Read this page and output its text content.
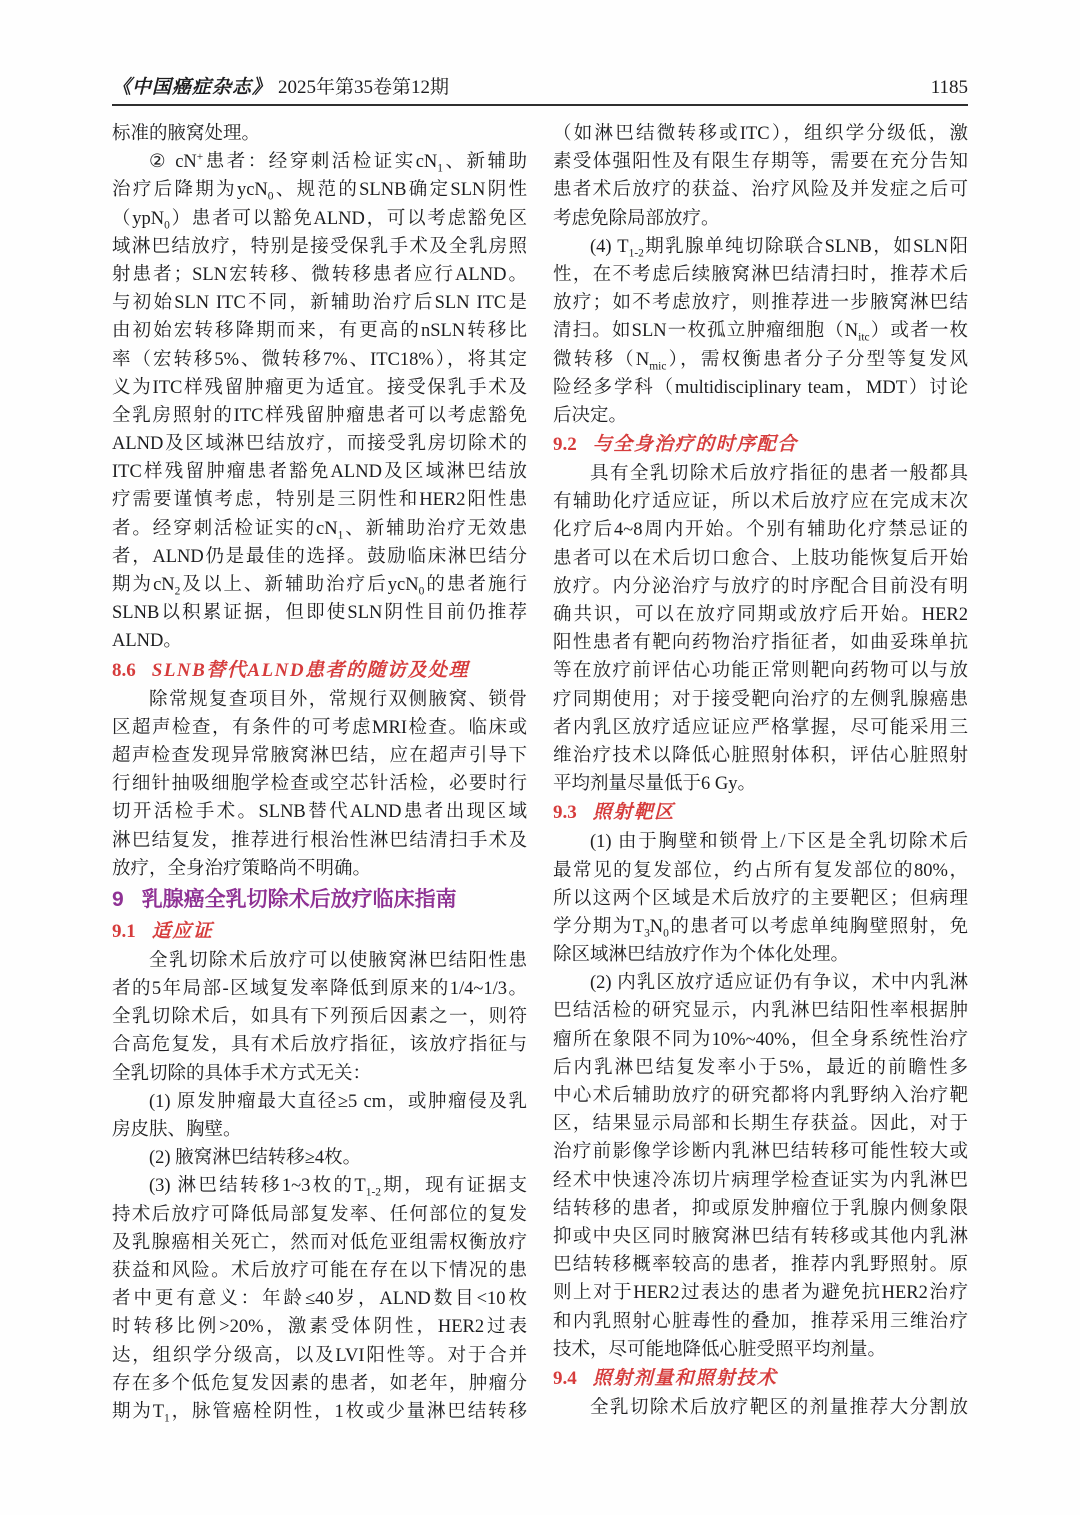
《中国癌症杂志》 2025年第35卷第12期	1185
标准的腋窝处理。
② cN+患者：经穿刺活检证实$cN_1$、新辅助
治疗后降期为ycN$_0$、规范的SLNB确定SLN阴性
（ypN$_0$）患者可以豁免ALND，可以考虑豁免区
域淋巴结放疗，特别是接受保乳手术及全乳房照
射患者；SLN宏转移、微转移患者应行ALND。
与初始SLN ITC不同，新辅助治疗后SLN ITC是
由初始宏转移降期而来，有更高的nSLN转移比
率（宏转移5%、微转移7%、ITC18%），将其定
义为ITC样残留肿瘤更为适宜。接受保乳手术及
全乳房照射的ITC样残留肿瘤患者可以考虑豁免
ALND及区域淋巴结放疗，而接受乳房切除术的
ITC样残留肿瘤患者豁免ALND及区域淋巴结放
疗需要谨慎考虑，特别是三阴性和HER2阳性患
者。经穿刺活检证实的$cN_1$、新辅助治疗无效患
者，ALND仍是最佳的选择。鼓励临床淋巴结分
期为$cN_2$及以上、新辅助治疗后ycN$_0$的患者施行
SLNB以积累证据，但即使SLN阴性目前仍推荐
ALND。
8.6 SLNB替代ALND患者的随访及处理
除常规复查项目外，常规行双侧腋窝、锁骨
区超声检查，有条件的可考虑MRI检查。临床或
超声检查发现异常腋窝淋巴结，应在超声引导下
行细针抽吸细胞学检查或空芯针活检，必要时行
切开活检手术。SLNB替代ALND患者出现区域
淋巴结复发，推荐进行根治性淋巴结清扫手术及
放疗，全身治疗策略尚不明确。
9 乳腺癌全乳切除术后放疗临床指南
9.1 适应证
全乳切除术后放疗可以使腋窝淋巴结阳性患
者的5年局部-区域复发率降低到原来的1/4~1/3。
全乳切除术后，如具有下列预后因素之一，则符
合高危复发，具有术后放疗指征，该放疗指征与
全乳切除的具体手术方式无关：
(1) 原发肿瘤最大直径≥5 cm，或肿瘤侵及乳
房皮肤、胸壁。
(2) 腋窝淋巴结转移≥4枚。
(3) 淋巴结转移1~3枚的$T_{1-2}$期，现有证据支
持术后放疗可降低局部复发率、任何部位的复发
及乳腺癌相关死亡，然而对低危亚组需权衡放疗
获益和风险。术后放疗可能在存在以下情况的患
者中更有意义：年龄≤40岁，ALND数目<10枚
时转移比例>20%，激素受体阴性，HER2过表
达，组织学分级高，以及LVI阳性等。对于合并
存在多个低危复发因素的患者，如老年，肿瘤分
期为$T_1$，脉管癌栓阴性，1枚或少量淋巴结转移
（如淋巴结微转移或ITC），组织学分级低，激
素受体强阳性及有限生存期等，需要在充分告知
患者术后放疗的获益、治疗风险及并发症之后可
考虑免除局部放疗。
(4) $T_{1-2}$期乳腺单纯切除联合SLNB，如SLN阳
性，在不考虑后续腋窝淋巴结清扫时，推荐术后
放疗；如不考虑放疗，则推荐进一步腋窝淋巴结
清扫。如SLN一枚孤立肿瘤细胞$(N_{itc})$或者一枚
微转移$(N_{mic})$，需权衡患者分子分型等复发风
险经多学科（multidisciplinary team，MDT）讨论
后决定。
9.2 与全身治疗的时序配合
具有全乳切除术后放疗指征的患者一般都具
有辅助化疗适应证，所以术后放疗应在完成末次
化疗后4~8周内开始。个别有辅助化疗禁忌证的
患者可以在术后切口愈合、上肢功能恢复后开始
放疗。内分泌治疗与放疗的时序配合目前没有明
确共识，可以在放疗同期或放疗后开始。HER2
阳性患者有靶向药物治疗指征者，如曲妥珠单抗
等在放疗前评估心功能正常则靶向药物可以与放
疗同期使用；对于接受靶向治疗的左侧乳腺癌患
者内乳区放疗适应证应严格掌握，尽可能采用三
维治疗技术以降低心脏照射体积，评估心脏照射
平均剂量尽量低于6 Gy。
9.3 照射靶区
(1) 由于胸壁和锁骨上/下区是全乳切除术后
最常见的复发部位，约占所有复发部位的80%，
所以这两个区域是术后放疗的主要靶区；但病理
学分期为$T_3N_0$的患者可以考虑单纯胸壁照射，免
除区域淋巴结放疗作为个体化处理。
(2) 内乳区放疗适应证仍有争议，术中内乳淋
巴结活检的研究显示，内乳淋巴结阳性率根据肿
瘤所在象限不同为10%~40%，但全身系统性治疗
后内乳淋巴结复发率小于5%，最近的前瞻性多
中心术后辅助放疗的研究都将内乳野纳入治疗靶
区，结果显示局部和长期生存获益。因此，对于
治疗前影像学诊断内乳淋巴结转移可能性较大或
经术中快速冷冻切片病理学检查证实为内乳淋巴
结转移的患者，抑或原发肿瘤位于乳腺内侧象限
抑或中央区同时腋窝淋巴结有转移或其他内乳淋
巴结转移概率较高的患者，推荐内乳野照射。原
则上对于HER2过表达的患者为避免抗HER2治疗
和内乳照射心脏毒性的叠加，推荐采用三维治疗
技术，尽可能地降低心脏受照平均剂量。
9.4 照射剂量和照射技术
全乳切除术后放疗靶区的剂量推荐大分割放
